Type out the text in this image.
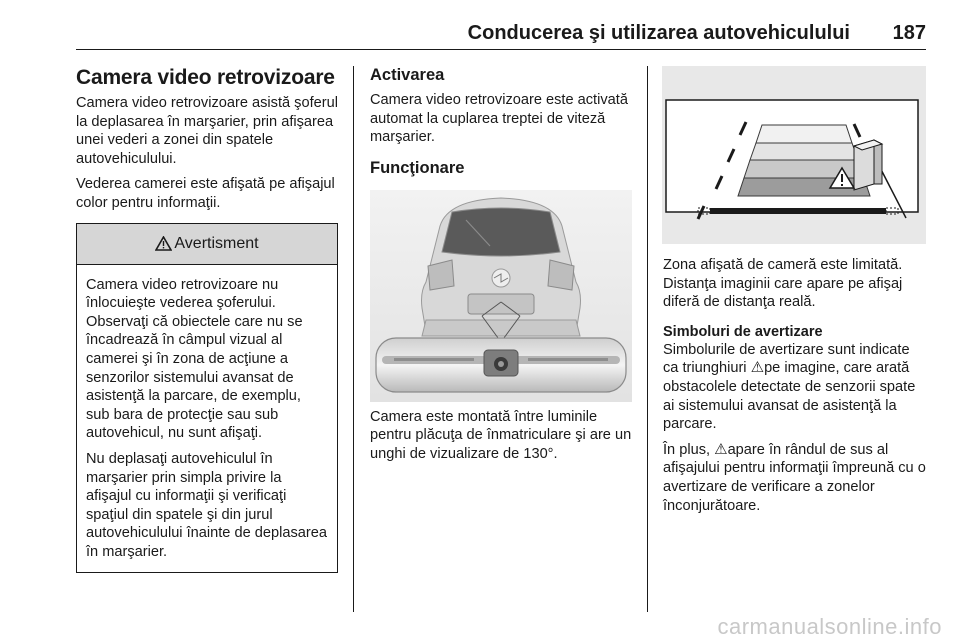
Conducerea şi utilizarea autovehiculului 187
Camera video retrovizoare

Camera video retrovizoare asistă şoferul la deplasarea în marşarier, prin afişarea unei vederi a zonei din spatele autovehiculului.

Vederea camerei este afişată pe afişajul color pentru informaţii.

Avertisment

Camera video retrovizoare nu înlocuieşte vederea şoferului. Observaţi că obiectele care nu se încadrează în câmpul vizual al camerei şi în zona de acţiune a senzorilor sistemului avansat de asistenţă la parcare, de exemplu, sub bara de protecţie sau sub autovehicul, nu sunt afişaţi.

Nu deplasaţi autovehiculul în marşarier prin simpla privire la afişajul cu informaţii şi verificaţi spaţiul din spatele şi din jurul autovehiculului înainte de deplasarea în marşarier.

Activarea

Camera video retrovizoare este activată automat la cuplarea treptei de viteză marşarier.

Funcţionare

Camera este montată între luminile pentru plăcuţa de înmatriculare şi are un unghi de vizualizare de 130°.

Zona afişată de cameră este limitată. Distanţa imaginii care apare pe afişaj diferă de distanţa reală.

Simboluri de avertizare

Simbolurile de avertizare sunt indicate ca triunghiuri ⚠pe imagine, care arată obstacolele detectate de senzorii spate ai sistemului avansat de asistenţă la parcare.

În plus, ⚠apare în rândul de sus al afişajului pentru informaţii împreună cu o avertizare de verificare a zonelor înconjurătoare.

carmanualsonline.info
